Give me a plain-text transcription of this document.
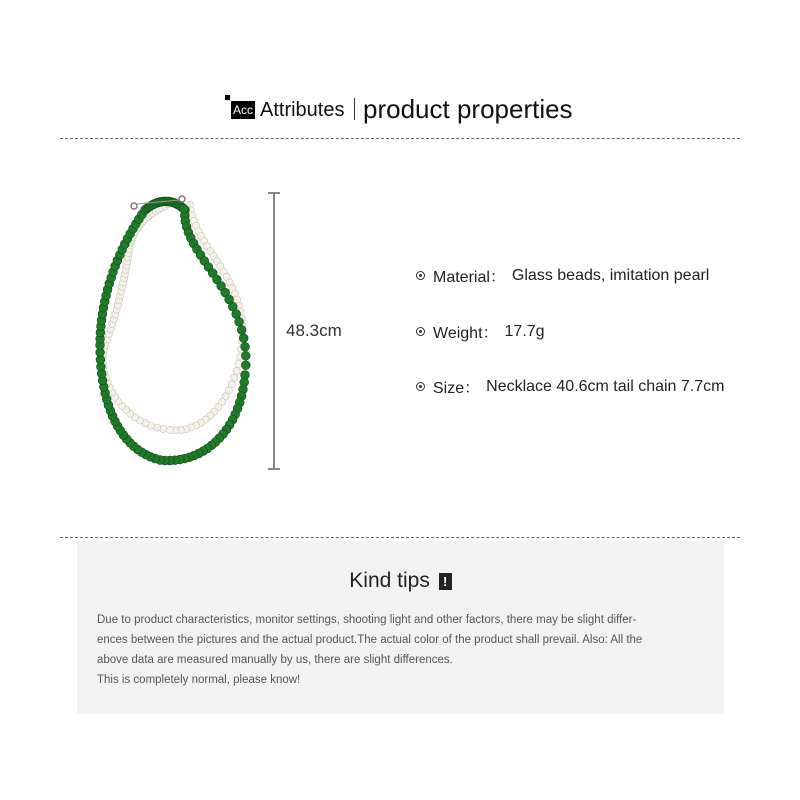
Acc Attributes product properties
48.3cm
Material： Glass beads, imitation pearl
Weight： 17.7g
Size： Necklace 40.6cm tail chain 7.7cm
Kind tips !
Due to product characteristics, monitor settings, shooting light and other factors, there may be slight differ-
ences between the pictures and the actual product.The actual color of the product shall prevail. Also: All the
above data are measured manually by us, there are slight differences.
This is completely normal, please know!
